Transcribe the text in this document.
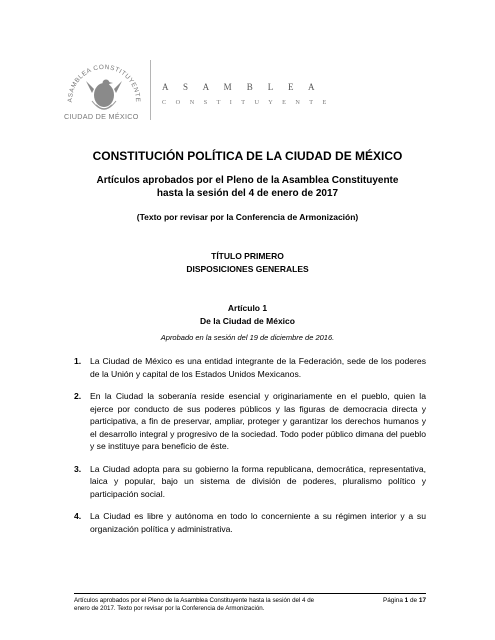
ASAMBLEA CONSTITUYENTE
CIUDAD DE MÉXICO
A S A M B L E A
C O N S T I T U Y E N T E
CONSTITUCIÓN POLÍTICA DE LA CIUDAD DE MÉXICO
Artículos aprobados por el Pleno de la Asamblea Constituyente
hasta la sesión del 4 de enero de 2017
(Texto por revisar por la Conferencia de Armonización)
TÍTULO PRIMERO
DISPOSICIONES GENERALES
Artículo 1
De la Ciudad de México
Aprobado en la sesión del 19 de diciembre de 2016.
1. La Ciudad de México es una entidad integrante de la Federación, sede de los poderes de la Unión y capital de los Estados Unidos Mexicanos.
2. En la Ciudad la soberanía reside esencial y originariamente en el pueblo, quien la ejerce por conducto de sus poderes públicos y las figuras de democracia directa y participativa, a fin de preservar, ampliar, proteger y garantizar los derechos humanos y el desarrollo integral y progresivo de la sociedad. Todo poder público dimana del pueblo y se instituye para beneficio de éste.
3. La Ciudad adopta para su gobierno la forma republicana, democrática, representativa, laica y popular, bajo un sistema de división de poderes, pluralismo político y participación social.
4. La Ciudad es libre y autónoma en todo lo concerniente a su régimen interior y a su organización política y administrativa.
Artículos aprobados por el Pleno de la Asamblea Constituyente hasta la sesión del 4 de
enero de 2017. Texto por revisar por la Conferencia de Armonización.
Página 1 de 17
